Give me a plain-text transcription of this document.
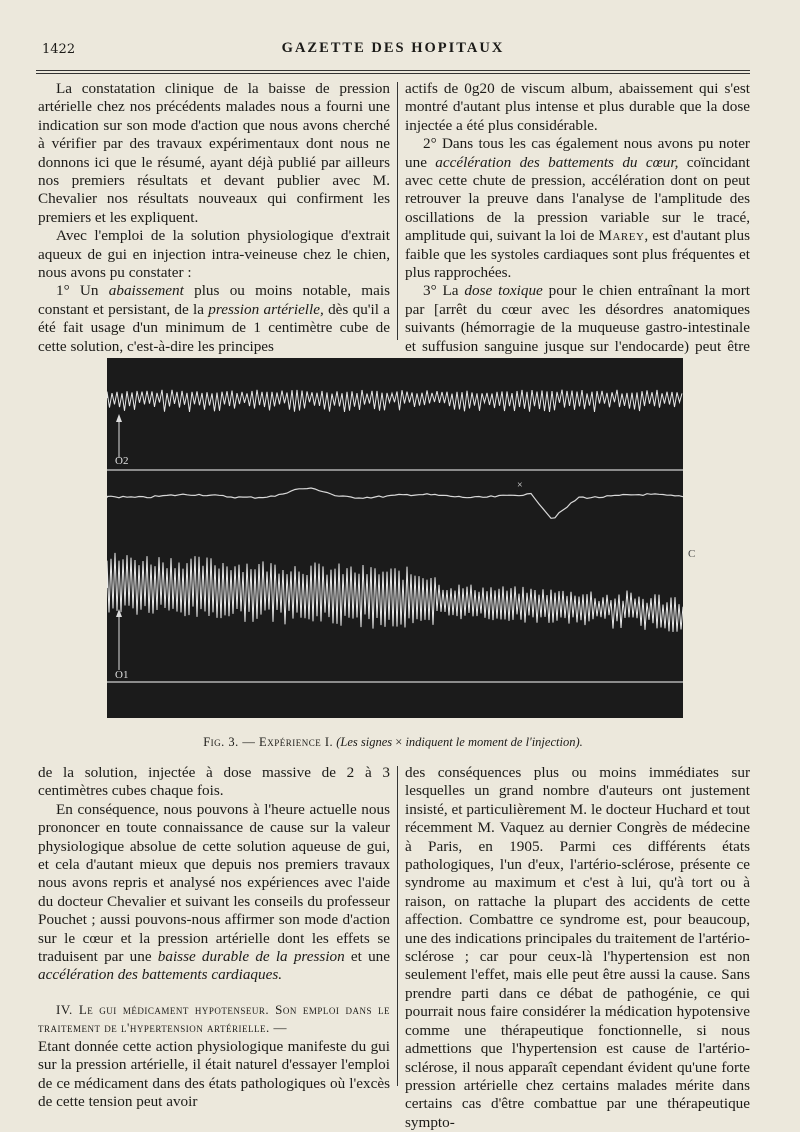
1422	GAZETTE DES HOPITAUX

La constatation clinique de la baisse de pression artérielle chez nos précédents malades nous a fourni une indication sur son mode d'action que nous avons cherché à vérifier par des travaux expérimentaux dont nous ne donnons ici que le résumé, ayant déjà publié par ailleurs nos premiers résultats et devant publier avec M. Chevalier nos résultats nouveaux qui confirment les premiers et les expliquent.

Avec l'emploi de la solution physiologique d'extrait aqueux de gui en injection intra-veineuse chez le chien, nous avons pu constater :

1° Un abaissement plus ou moins notable, mais constant et persistant, de la pression artérielle, dès qu'il a été fait usage d'un minimum de 1 centimètre cube de cette solution, c'est-à-dire les principes

actifs de 0g20 de viscum album, abaissement qui s'est montré d'autant plus intense et plus durable que la dose injectée a été plus considérable.

2° Dans tous les cas également nous avons pu noter une accélération des battements du cœur, coïncidant avec cette chute de pression, accélération dont on peut retrouver la preuve dans l'analyse de l'amplitude des oscillations de la pression variable sur le tracé, amplitude qui, suivant la loi de Marey, est d'autant plus faible que les systoles cardiaques sont plus fréquentes et plus rapprochées.

3° La dose toxique pour le chien entraînant la mort par [arrêt du cœur avec les désordres anatomiques suivants (hémorragie de la muqueuse gastro-intestinale et suffusion sanguine jusque sur l'endocarde) peut être

O2
O1
×
C
Fig. 3. — Expérience I. (Les signes × indiquent le moment de l'injection).

de la solution, injectée à dose massive de 2 à 3 centimètres cubes chaque fois.

En conséquence, nous pouvons à l'heure actuelle nous prononcer en toute connaissance de cause sur la valeur physiologique absolue de cette solution aqueuse de gui, et cela d'autant mieux que depuis nos premiers travaux nous avons repris et analysé nos expériences avec l'aide du docteur Chevalier et suivant les conseils du professeur Pouchet ; aussi pouvons-nous affirmer son mode d'action sur le cœur et la pression artérielle dont les effets se traduisent par une baisse durable de la pression et une accélération des battements cardiaques.

IV. Le gui médicament hypotenseur. Son emploi dans le traitement de l'hypertension artérielle. —

Etant donnée cette action physiologique manifeste du gui sur la pression artérielle, il était naturel d'essayer l'emploi de ce médicament dans des états pathologiques où l'excès de cette tension peut avoir

des conséquences plus ou moins immédiates sur lesquelles un grand nombre d'auteurs ont justement insisté, et particulièrement M. le docteur Huchard et tout récemment M. Vaquez au dernier Congrès de médecine à Paris, en 1905. Parmi ces différents états pathologiques, l'un d'eux, l'artério-sclérose, présente ce syndrome au maximum et c'est à lui, qu'à tort ou à raison, on rattache la plupart des accidents de cette affection. Combattre ce syndrome est, pour beaucoup, une des indications principales du traitement de l'artério-sclérose ; car pour ceux-là l'hypertension est non seulement l'effet, mais elle peut être aussi la cause. Sans prendre parti dans ce débat de pathogénie, ce qui pourrait nous faire considérer la médication hypotensive comme une thérapeutique fonctionnelle, si nous admettions que l'hypertension est cause de l'artério-sclérose, il nous apparaît cependant évident qu'une forte pression artérielle chez certains malades mérite dans certains cas d'être combattue par une thérapeutique sympto-
